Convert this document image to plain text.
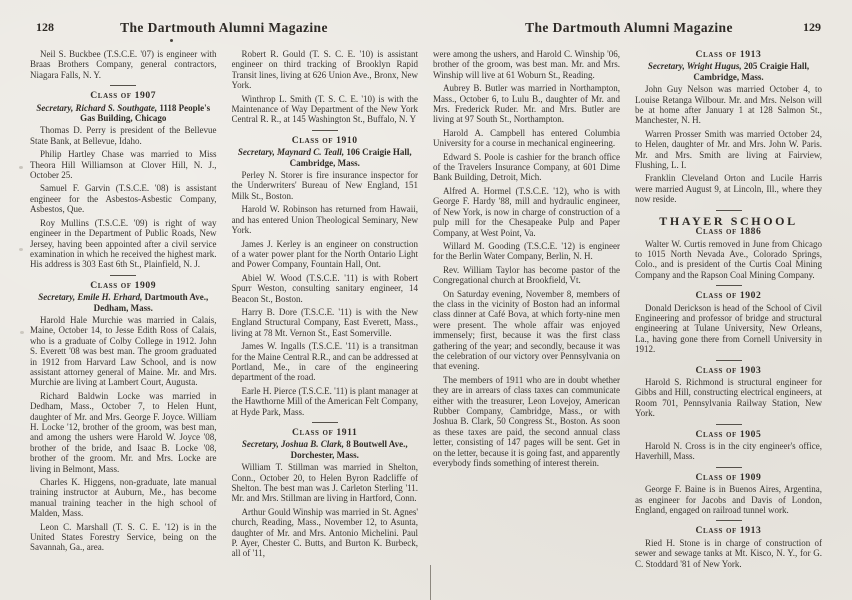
128	The Dartmouth Alumni Magazine

Neil S. Buckbee (T.S.C.E. '07) is engineer with Braas Brothers Company, general contractors, Niagara Falls, N. Y.

Class of 1907
Secretary, Richard S. Southgate, 1118 People's Gas Building, Chicago

Thomas D. Perry is president of the Bellevue State Bank, at Bellevue, Idaho.

Philip Hartley Chase was married to Miss Theora Hill Williamson at Clover Hill, N. J., October 25.

Samuel F. Garvin (T.S.C.E. '08) is assistant engineer for the Asbestos-Asbestic Company, Asbestos, Que.

Roy Mullins (T.S.C.E. '09) is right of way engineer in the Department of Public Roads, New Jersey, having been appointed after a civil service examination in which he received the highest mark. His address is 303 East 6th St., Plainfield, N. J.

Class of 1909
Secretary, Emile H. Erhard, Dartmouth Ave., Dedham, Mass.

Harold Hale Murchie was married in Calais, Maine, October 14, to Jesse Edith Ross of Calais, who is a graduate of Colby College in 1912. John S. Everett '08 was best man. The groom graduated in 1912 from Harvard Law School, and is now assistant attorney general of Maine. Mr. and Mrs. Murchie are living at Lambert Court, Augusta.

Richard Baldwin Locke was married in Dedham, Mass., October 7, to Helen Hunt, daughter of Mr. and Mrs. George F. Joyce. William H. Locke '12, brother of the groom, was best man, and among the ushers were Harold W. Joyce '08, brother of the bride, and Isaac B. Locke '08, brother of the groom. Mr. and Mrs. Locke are living in Belmont, Mass.

Charles K. Higgens, non-graduate, late manual training instructor at Auburn, Me., has become manual training teacher in the high school of Malden, Mass.

Leon C. Marshall (T. S. C. E. '12) is in the United States Forestry Service, being on the Savannah, Ga., area.

Robert R. Gould (T. S. C. E. '10) is assistant engineer on third tracking of Brooklyn Rapid Transit lines, living at 626 Union Ave., Bronx, New York.

Winthrop L. Smith (T. S. C. E. '10) is with the Maintenance of Way Department of the New York Central R. R., at 145 Washington St., Buffalo, N. Y

Class of 1910
Secretary, Maynard C. Teall, 106 Craigie Hall, Cambridge, Mass.

Perley N. Storer is fire insurance inspector for the Underwriters' Bureau of New England, 151 Milk St., Boston.

Harold W. Robinson has returned from Hawaii, and has entered Union Theological Seminary, New York.

James J. Kerley is an engineer on construction of a water power plant for the North Ontario Light and Power Company, Fountain Hall, Ont.

Abiel W. Wood (T.S.C.E. '11) is with Robert Spurr Weston, consulting sanitary engineer, 14 Beacon St., Boston.

Harry B. Dore (T.S.C.E. '11) is with the New England Structural Company, East Everett, Mass., living at 78 Mt. Vernon St., East Somerville.

James W. Ingalls (T.S.C.E. '11) is a transitman for the Maine Central R.R., and can be addressed at Portland, Me., in care of the engineering department of the road.

Earle H. Pierce (T.S.C.E. '11) is plant manager at the Hawthorne Mill of the American Felt Company, at Hyde Park, Mass.

Class of 1911
Secretary, Joshua B. Clark, 8 Boutwell Ave., Dorchester, Mass.

William T. Stillman was married in Shelton, Conn., October 20, to Helen Byron Radcliffe of Shelton. The best man was J. Carleton Sterling '11. Mr. and Mrs. Stillman are living in Hartford, Conn.

Arthur Gould Winship was married in St. Agnes' church, Reading, Mass., November 12, to Asunta, daughter of Mr. and Mrs. Antonio Michelini. Paul P. Ayer, Chester C. Butts, and Burton K. Burbeck, all of '11,

The Dartmouth Alumni Magazine	129

were among the ushers, and Harold C. Winship '06, brother of the groom, was best man. Mr. and Mrs. Winship will live at 61 Woburn St., Reading.

Aubrey B. Butler was married in Northampton, Mass., October 6, to Lulu B., daughter of Mr. and Mrs. Frederick Ruder. Mr. and Mrs. Butler are living at 97 South St., Northampton.

Harold A. Campbell has entered Columbia University for a course in mechanical engineering.

Edward S. Poole is cashier for the branch office of the Travelers Insurance Company, at 601 Dime Bank Building, Detroit, Mich.

Alfred A. Hormel (T.S.C.E. '12), who is with George F. Hardy '88, mill and hydraulic engineer, of New York, is now in charge of construction of a pulp mill for the Chesapeake Pulp and Paper Company, at West Point, Va.

Willard M. Gooding (T.S.C.E. '12) is engineer for the Berlin Water Company, Berlin, N. H.

Rev. William Taylor has become pastor of the Congregational church at Brookfield, Vt.

On Saturday evening, November 8, members of the class in the vicinity of Boston had an informal class dinner at Café Bova, at which forty-nine men were present. The whole affair was enjoyed immensely; first, because it was the first class gathering of the year; and secondly, because it was the celebration of our victory over Pennsylvania on that evening.

The members of 1911 who are in doubt whether they are in arrears of class taxes can communicate either with the treasurer, Leon Lovejoy, American Rubber Company, Cambridge, Mass., or with Joshua B. Clark, 50 Congress St., Boston. As soon as these taxes are paid, the second annual class letter, consisting of 147 pages will be sent. Get in on the letter, because it is going fast, and apparently everybody finds something of interest therein.

Class of 1913
Secretary, Wright Hugus, 205 Craigie Hall, Cambridge, Mass.

John Guy Nelson was married October 4, to Louise Retanga Wilbour. Mr. and Mrs. Nelson will be at home after January 1 at 128 Salmon St., Manchester, N. H.

Warren Prosser Smith was married October 24, to Helen, daughter of Mr. and Mrs. John W. Paris. Mr. and Mrs. Smith are living at Fairview, Flushing, L. I.

Franklin Cleveland Orton and Lucile Harris were married August 9, at Lincoln, Ill., where they now reside.

THAYER SCHOOL
Class of 1886

Walter W. Curtis removed in June from Chicago to 1015 North Nevada Ave., Colorado Springs, Colo., and is president of the Curtis Coal Mining Company and the Rapson Coal Mining Company.

Class of 1902

Donald Derickson is head of the School of Civil Engineering and professor of bridge and structural engineering at Tulane University, New Orleans, La., having gone there from Cornell University in 1912.

Class of 1903

Harold S. Richmond is structural engineer for Gibbs and Hill, constructing electrical engineers, at Room 701, Pennsylvania Railway Station, New York.

Class of 1905

Harold N. Cross is in the city engineer's office, Haverhill, Mass.

Class of 1909

George F. Baine is in Buenos Aires, Argentina, as engineer for Jacobs and Davis of London, England, engaged on railroad tunnel work.

Class of 1913

Ried H. Stone is in charge of construction of sewer and sewage tanks at Mt. Kisco, N. Y., for G. C. Stoddard '81 of New York.
